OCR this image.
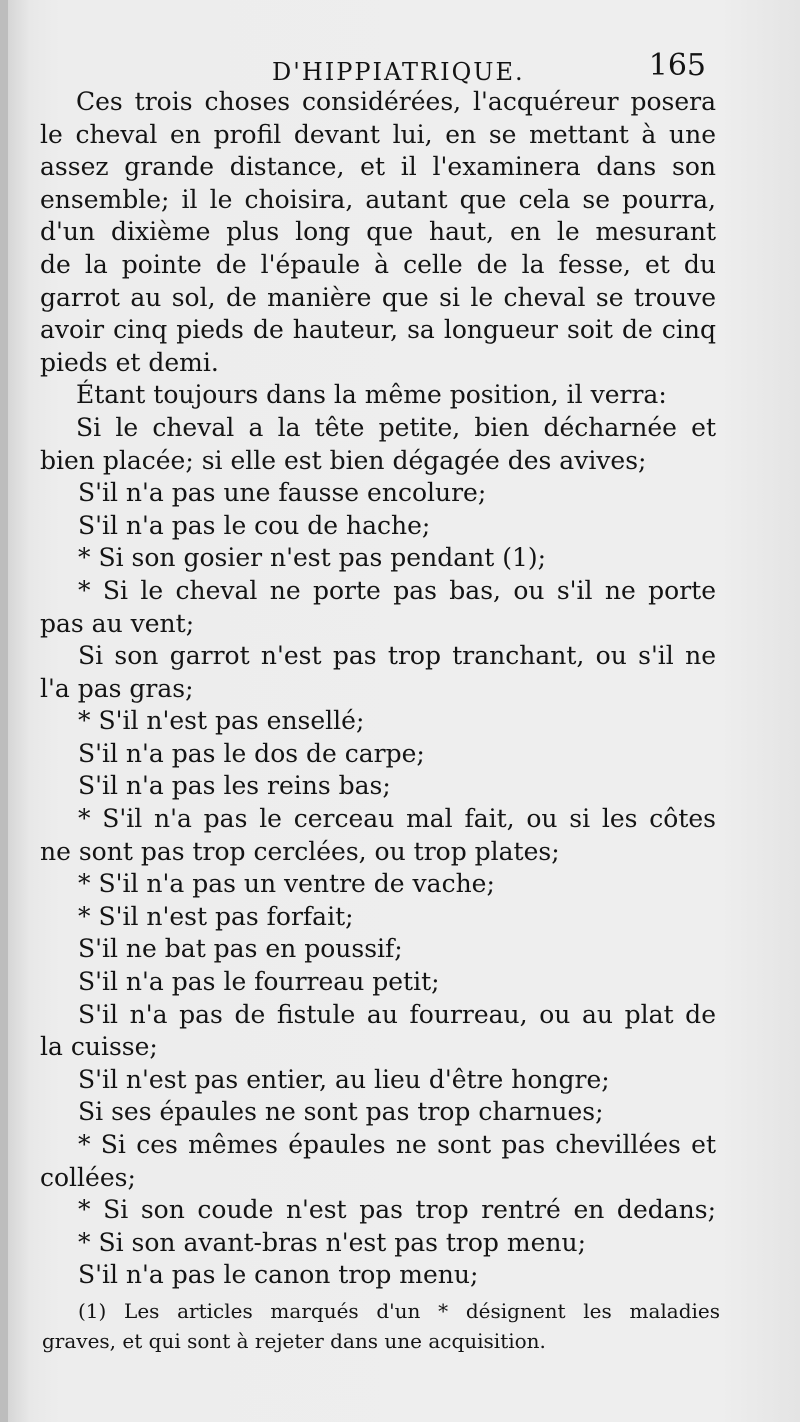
D'HIPPIATRIQUE.	165
Ces trois choses considérées, l'acquéreur posera
le cheval en profil devant lui, en se mettant à une
assez grande distance, et il l'examinera dans son
ensemble; il le choisira, autant que cela se pourra,
d'un dixième plus long que haut, en le mesurant
de la pointe de l'épaule à celle de la fesse, et du
garrot au sol, de manière que si le cheval se trouve
avoir cinq pieds de hauteur, sa longueur soit de cinq
pieds et demi.
Étant toujours dans la même position, il verra:
Si le cheval a la tête petite, bien décharnée et
bien placée; si elle est bien dégagée des avives;
S'il n'a pas une fausse encolure;
S'il n'a pas le cou de hache;
* Si son gosier n'est pas pendant (1);
* Si le cheval ne porte pas bas, ou s'il ne porte
pas au vent;
Si son garrot n'est pas trop tranchant, ou s'il ne
l'a pas gras;
* S'il n'est pas ensellé;
S'il n'a pas le dos de carpe;
S'il n'a pas les reins bas;
* S'il n'a pas le cerceau mal fait, ou si les côtes
ne sont pas trop cerclées, ou trop plates;
* S'il n'a pas un ventre de vache;
* S'il n'est pas forfait;
S'il ne bat pas en poussif;
S'il n'a pas le fourreau petit;
S'il n'a pas de fistule au fourreau, ou au plat de
la cuisse;
S'il n'est pas entier, au lieu d'être hongre;
Si ses épaules ne sont pas trop charnues;
* Si ces mêmes épaules ne sont pas chevillées et
collées;
* Si son coude n'est pas trop rentré en dedans;
* Si son avant-bras n'est pas trop menu;
S'il n'a pas le canon trop menu;
(1) Les articles marqués d'un * désignent les maladies
graves, et qui sont à rejeter dans une acquisition.
